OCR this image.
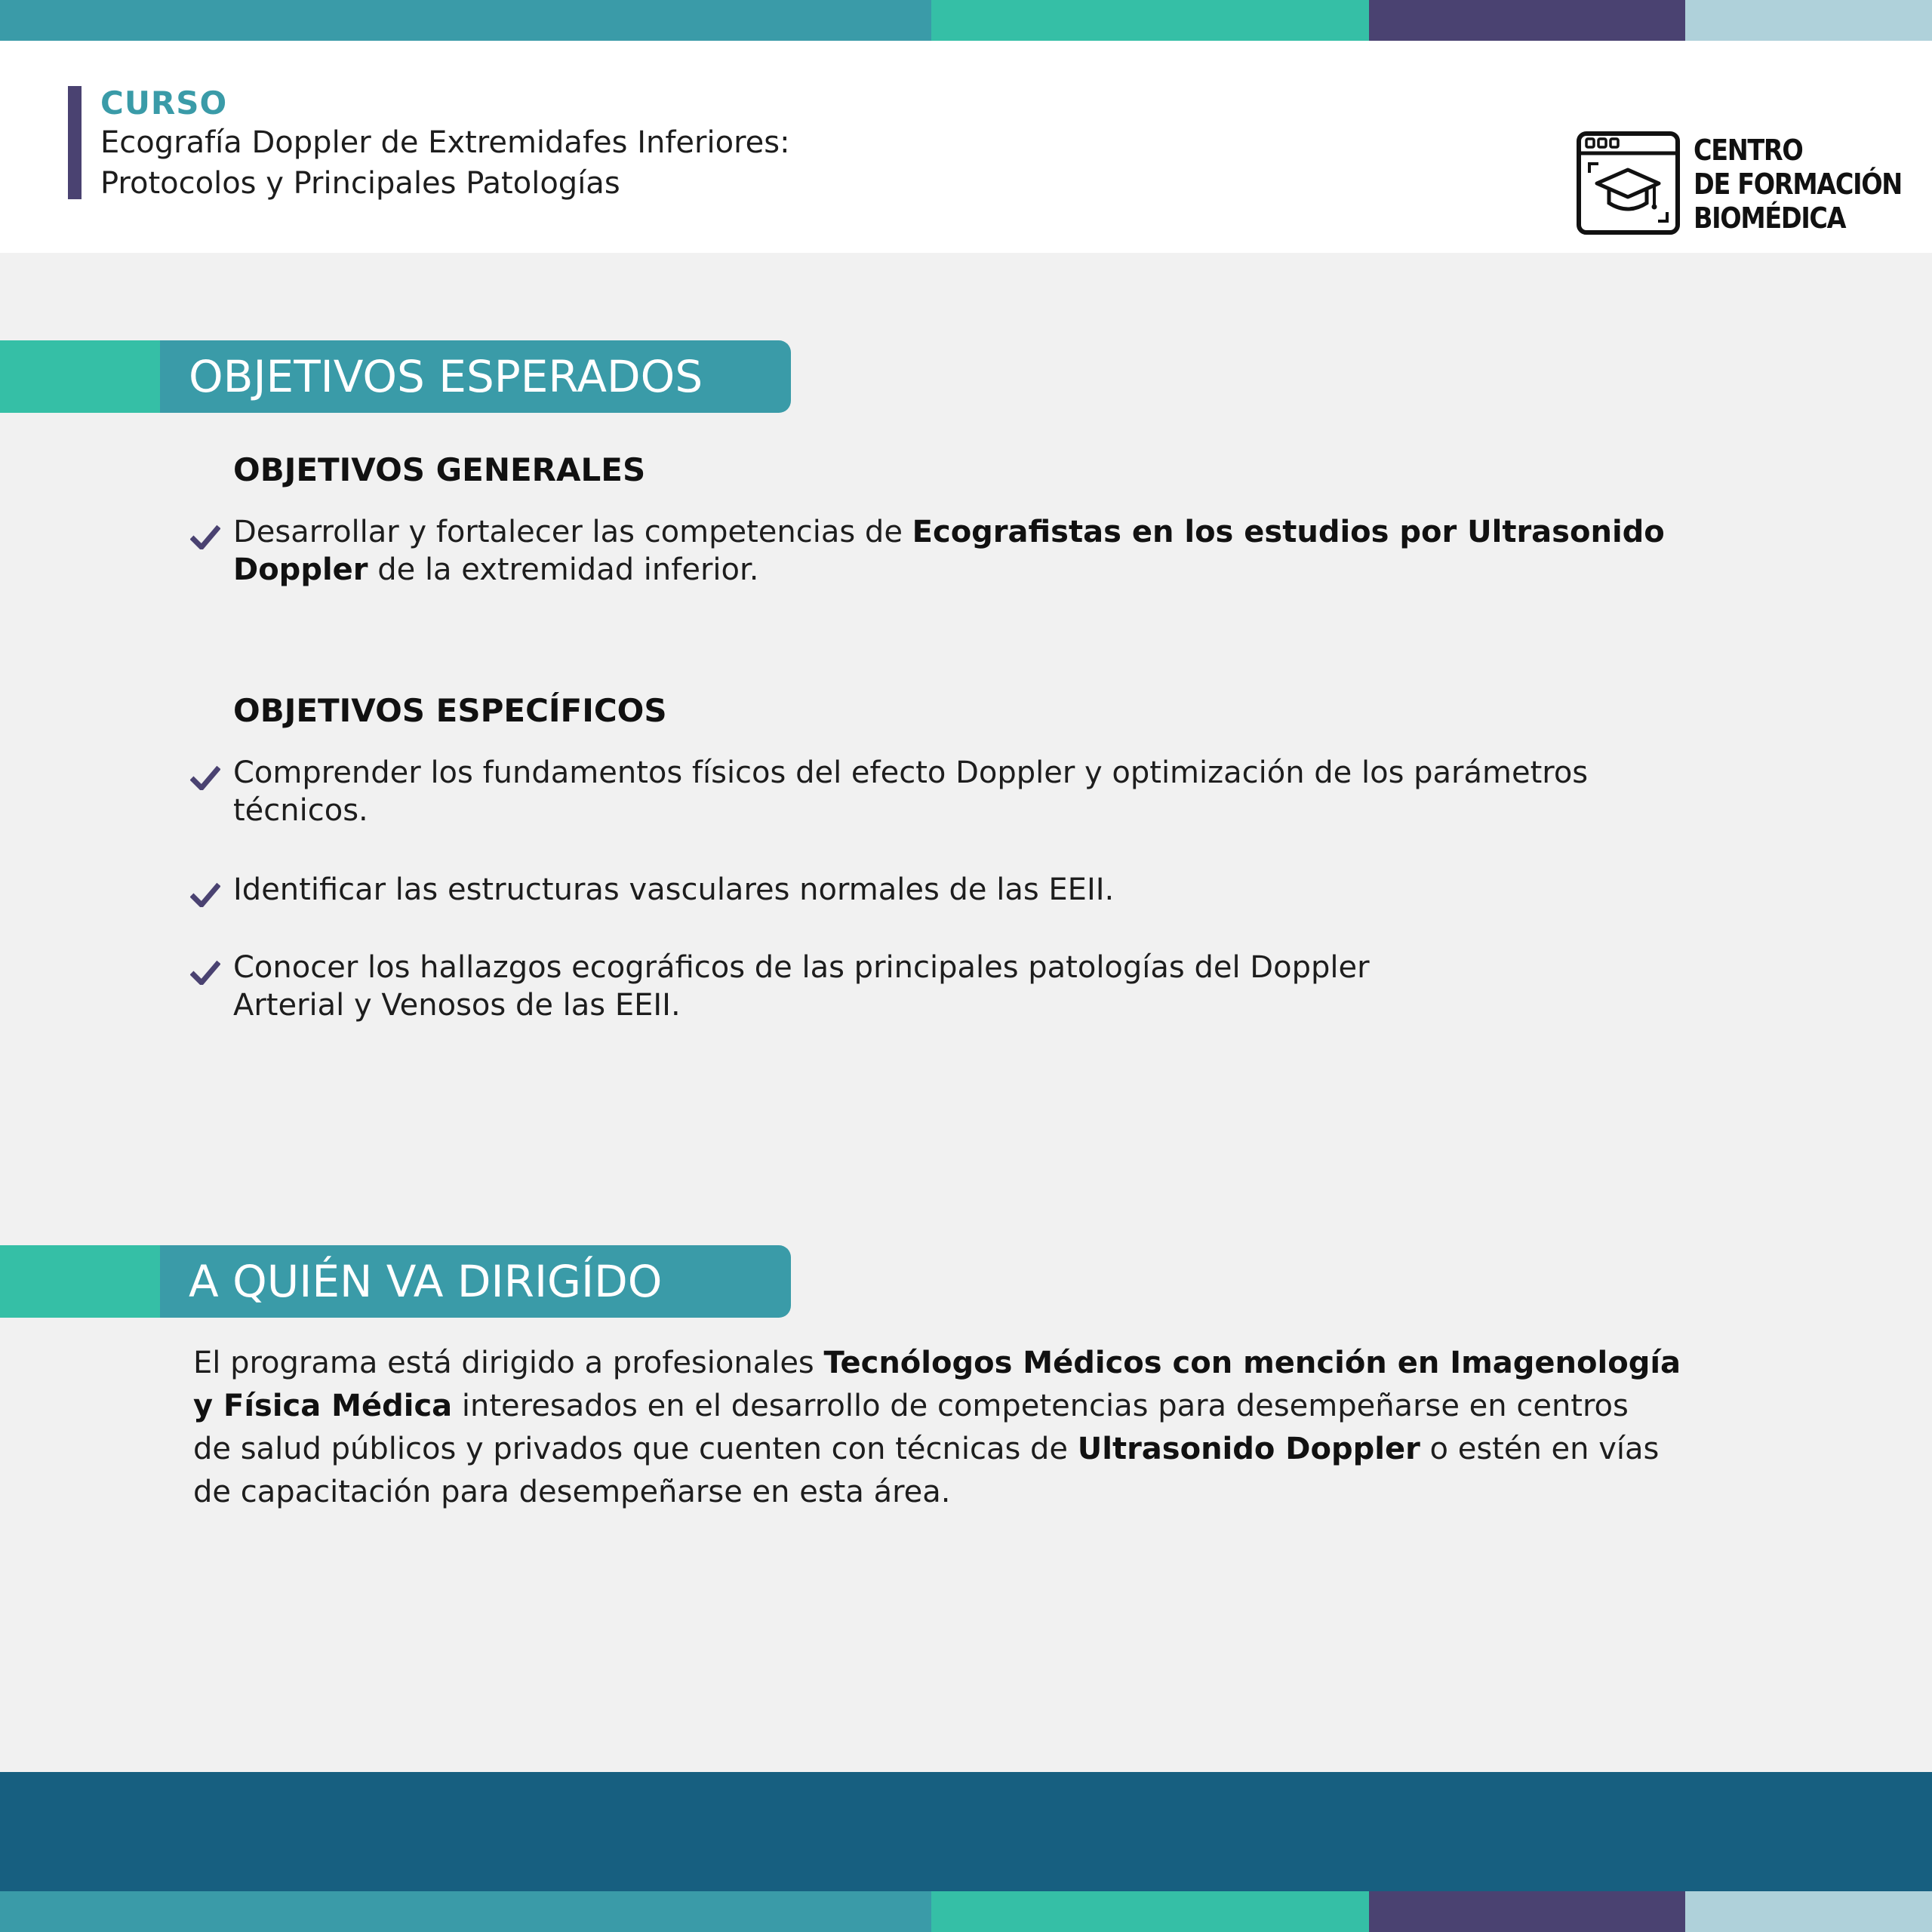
CURSO

Ecografía Doppler de Extremidafes Inferiores:
Protocolos y Principales Patologías

CENTRO
DE FORMACIÓN
BIOMÉDICA

OBJETIVOS ESPERADOS

OBJETIVOS GENERALES

Desarrollar y fortalecer las competencias de Ecografistas en los estudios por Ultrasonido
Doppler de la extremidad inferior.

OBJETIVOS ESPECÍFICOS

Comprender los fundamentos físicos del efecto Doppler y optimización de los parámetros
técnicos.
Identificar las estructuras vasculares normales de las EEII.
Conocer los hallazgos ecográficos de las principales patologías del Doppler
Arterial y Venosos de las EEII.

A QUIÉN VA DIRIGÍDO

El programa está dirigido a profesionales Tecnólogos Médicos con mención en Imagenología
y Física Médica interesados en el desarrollo de competencias para desempeñarse en centros
de salud públicos y privados que cuenten con técnicas de Ultrasonido Doppler o estén en vías
de capacitación para desempeñarse en esta área.
